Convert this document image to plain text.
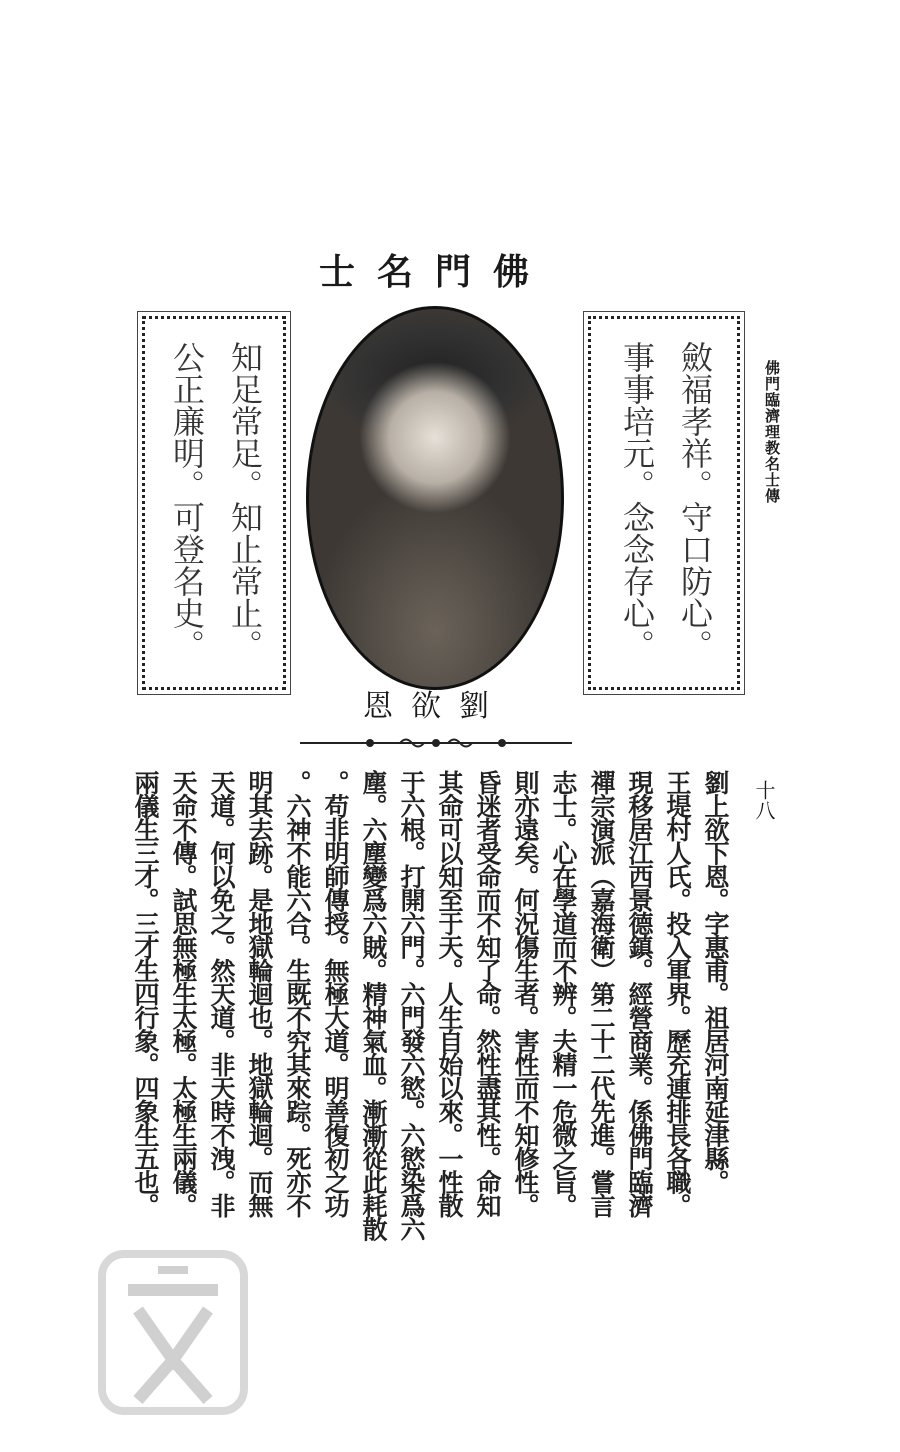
佛門臨濟理教名士傳
佛門名士
斂福孝祥。守口防心。
事事培元。念念存心。
知足常足。知止常止。
公正廉明。可登名史。
劉欲恩
十八
劉上欲下恩。字惠甫。祖居河南延津縣。
王堤村人氏。投入軍界。歷充連排長各職。
現移居江西景德鎮。經營商業。係佛門臨濟
禪宗演派（嘉海衛）第二十二代先進。嘗言
志士。心在學道而不辨。夫精一危微之旨。
則亦遠矣。何況傷生者。害性而不知修性。
昏迷者受命而不知了命。然性盡其性。命知
其命可以知至于天。人生自始以來。一性散
于六根。打開六門。六門發六慾。六慾染爲六
塵。六塵變爲六賊。精神氣血。漸漸從此耗散
。苟非明師傳授。無極大道。明善復初之功
。六神不能六合。生既不究其來踪。死亦不
明其去跡。是地獄輪迴也。地獄輪迴。而無
天道。何以免之。然天道。非天時不洩。非
天命不傳。試思無極生太極。太極生兩儀。
兩儀生三才。三才生四行象。四象生五也。
